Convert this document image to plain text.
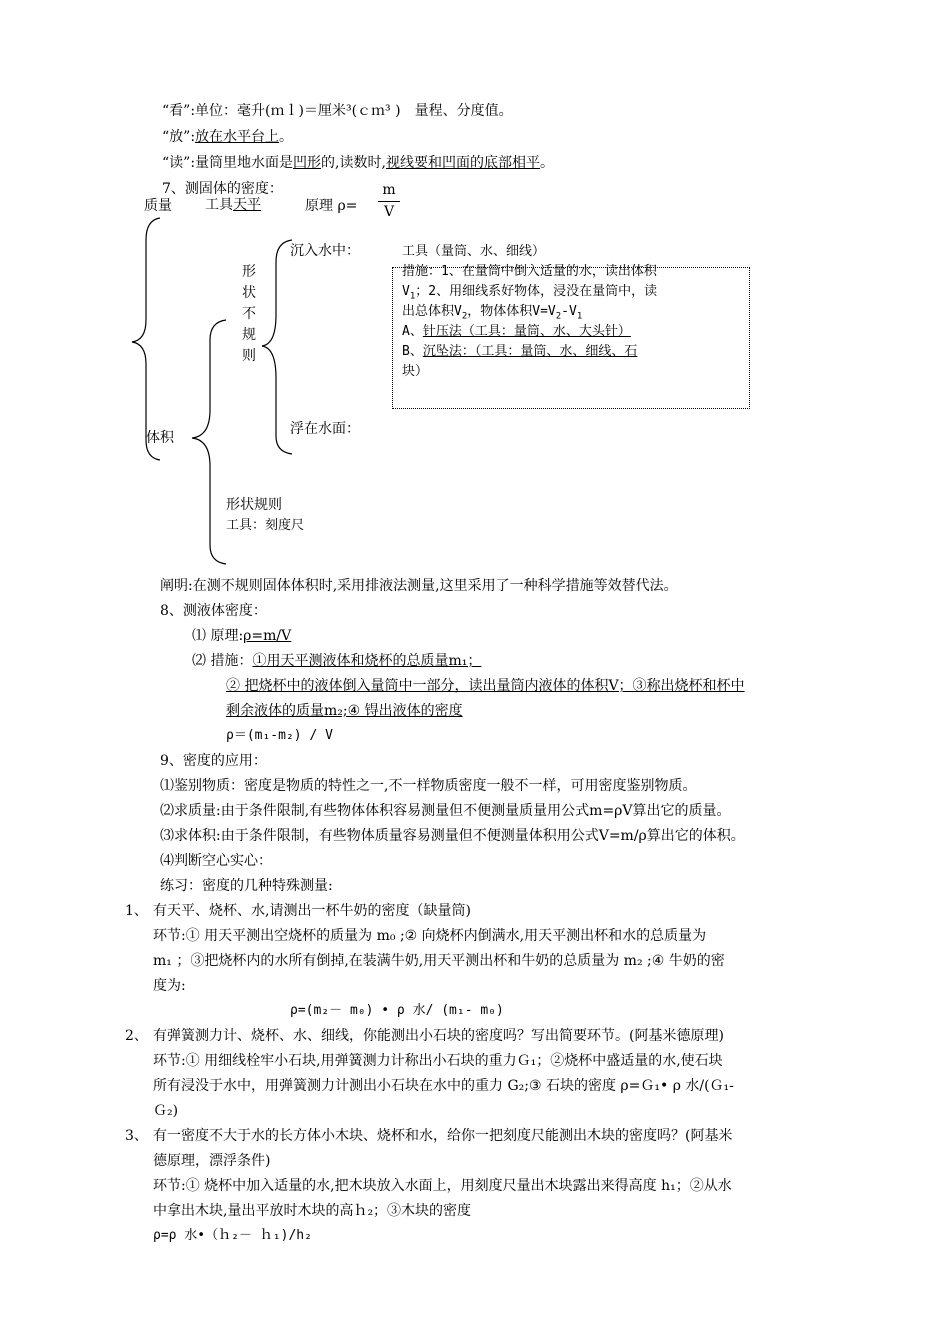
“看”:单位：毫升(ｍｌ)＝厘米³(ｃｍ³ )　量程、分度值。
“放”:放在水平台上。
“读”:量筒里地水面是凹形的,读数时,视线要和凹面的底部相平。
7、测固体的密度：	m
V
质量 工具天平	原理 ρ=
体积
形
状
不
规
则
沉入水中：
浮在水面：
工具（量筒、水、细线）
措施：1、在量筒中倒入适量的水，读出体积
$V_1$；2、用细线系好物体，浸没在量筒中，读
出总体积$V_2$，物体体积$V=V_2-V_1$
A、针压法（工具：量筒、水、大头针）
B、沉坠法：（工具：量筒、水、细线、石
块）
形状规则
工具：刻度尺
阐明:在测不规则固体体积时,采用排液法测量,这里采用了一种科学措施等效替代法。
8、测液体密度：
⑴ 原理:ρ=m/V
⑵ 措施：①用天平测液体和烧杯的总质量m₁；
② 把烧杯中的液体倒入量筒中一部分，读出量筒内液体的体积V；③称出烧杯和杯中
剩余液体的质量m₂;④ 锝出液体的密度
ρ＝(m₁-m₂) / V
9、密度的应用：
⑴鉴别物质：密度是物质的特性之一,不一样物质密度一般不一样，可用密度鉴别物质。
⑵求质量:由于条件限制,有些物体体积容易测量但不便测量质量用公式m=ρV算出它的质量。
⑶求体积:由于条件限制，有些物体质量容易测量但不便测量体积用公式V=m/ρ算出它的体积。
⑷判断空心实心：
练习：密度的几种特殊测量:
1、 有天平、烧杯、水,请测出一杯牛奶的密度（缺量筒)
环节:① 用天平测出空烧杯的质量为 m₀ ;② 向烧杯内倒满水,用天平测出杯和水的总质量为
m₁ ；③把烧杯内的水所有倒掉,在装满牛奶,用天平测出杯和牛奶的总质量为 m₂ ;④ 牛奶的密
度为:
ρ=(m₂－ m₀) • ρ 水/ (m₁- m₀)
2、 有弹簧测力计、烧杯、水、细线，你能测出小石块的密度吗？写出简要环节。(阿基米德原理)
环节:① 用细线栓牢小石块,用弹簧测力计称出小石块的重力Ｇ₁；②烧杯中盛适量的水,使石块
所有浸没于水中，用弹簧测力计测出小石块在水中的重力 G₂;③ 石块的密度 ρ=Ｇ₁• ρ 水/(Ｇ₁-
Ｇ₂)
3、 有一密度不大于水的长方体小木块、烧杯和水，给你一把刻度尺能测出木块的密度吗？(阿基米
德原理，漂浮条件)
环节:① 烧杯中加入适量的水,把木块放入水面上，用刻度尺量出木块露出来得高度 h₁；②从水
中拿出木块,量出平放时木块的高ｈ₂；③木块的密度
ρ=ρ 水•（ｈ₂－ ｈ₁)/h₂
